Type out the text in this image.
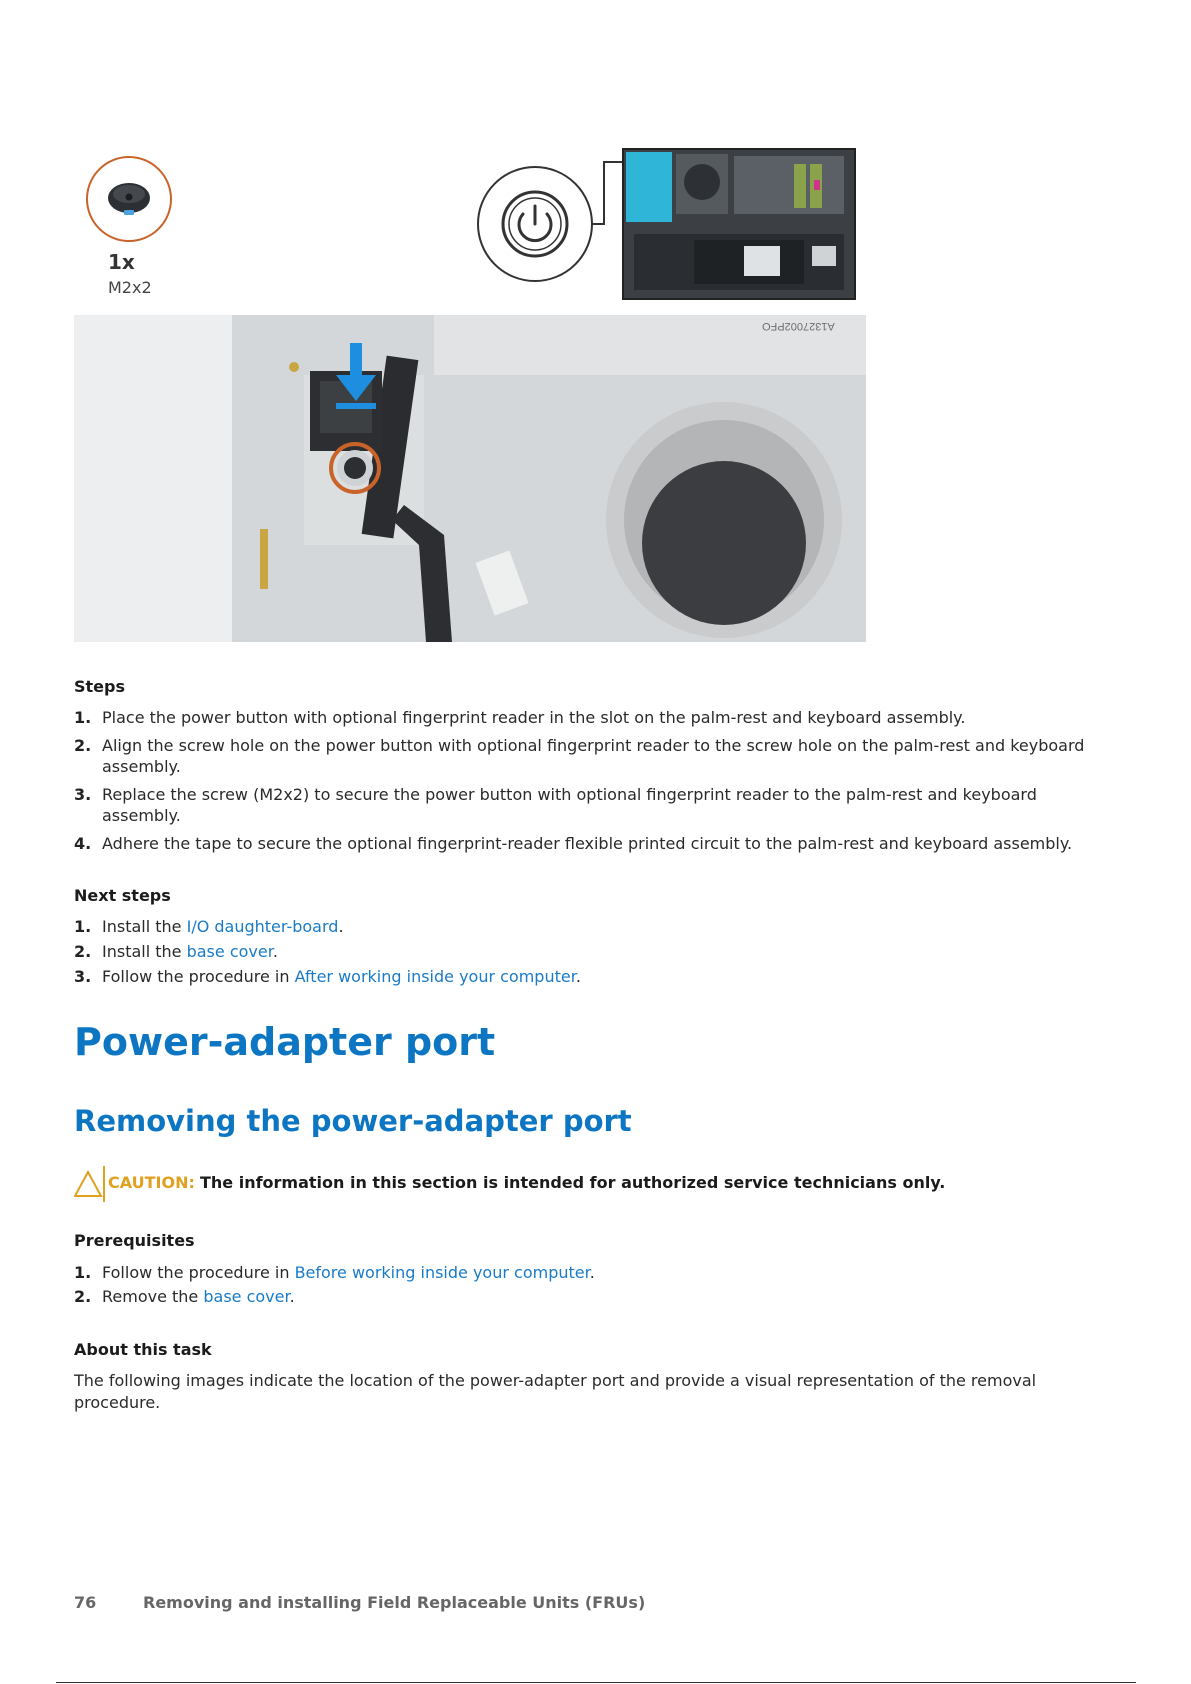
1x
M2x2
A1327002PFO
Steps
1. Place the power button with optional fingerprint reader in the slot on the palm-rest and keyboard assembly.
2. Align the screw hole on the power button with optional fingerprint reader to the screw hole on the palm-rest and keyboard assembly.
3. Replace the screw (M2x2) to secure the power button with optional fingerprint reader to the palm-rest and keyboard assembly.
4. Adhere the tape to secure the optional fingerprint-reader flexible printed circuit to the palm-rest and keyboard assembly.
Next steps
1. Install the I/O daughter-board.
2. Install the base cover.
3. Follow the procedure in After working inside your computer.
Power-adapter port
Removing the power-adapter port
CAUTION: The information in this section is intended for authorized service technicians only.
Prerequisites
1. Follow the procedure in Before working inside your computer.
2. Remove the base cover.
About this task
The following images indicate the location of the power-adapter port and provide a visual representation of the removal procedure.
76	Removing and installing Field Replaceable Units (FRUs)
